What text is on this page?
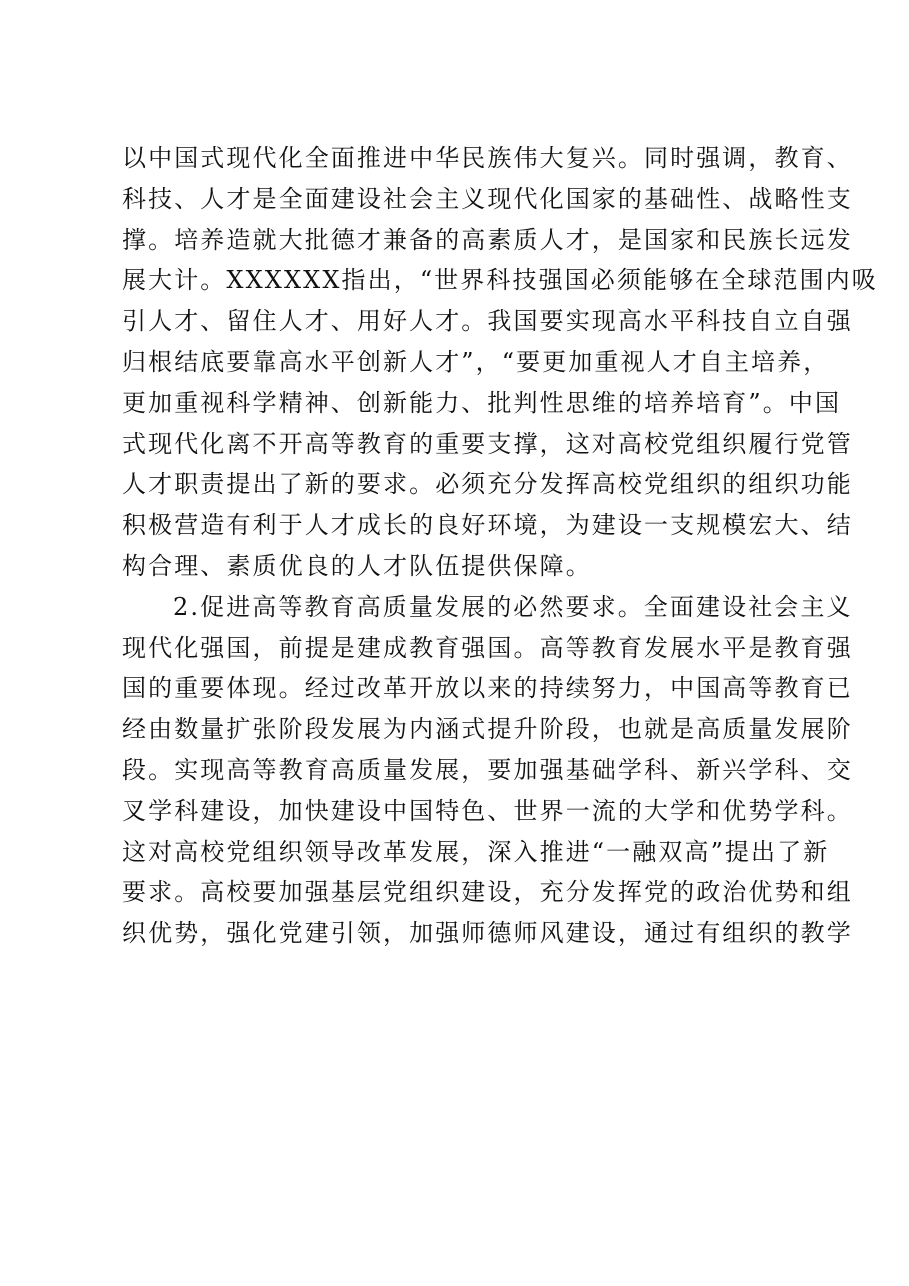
以中国式现代化全面推进中华民族伟大复兴。同时强调，教育、
科技、人才是全面建设社会主义现代化国家的基础性、战略性支
撑。培养造就大批德才兼备的高素质人才，是国家和民族长远发
展大计。XXXXXX指出，“世界科技强国必须能够在全球范围内吸
引人才、留住人才、用好人才。我国要实现高水平科技自立自强
归根结底要靠高水平创新人才”，“要更加重视人才自主培养，
更加重视科学精神、创新能力、批判性思维的培养培育”。中国
式现代化离不开高等教育的重要支撑，这对高校党组织履行党管
人才职责提出了新的要求。必须充分发挥高校党组织的组织功能
积极营造有利于人才成长的良好环境，为建设一支规模宏大、结
构合理、素质优良的人才队伍提供保障。
2.促进高等教育高质量发展的必然要求。全面建设社会主义
现代化强国，前提是建成教育强国。高等教育发展水平是教育强
国的重要体现。经过改革开放以来的持续努力，中国高等教育已
经由数量扩张阶段发展为内涵式提升阶段，也就是高质量发展阶
段。实现高等教育高质量发展，要加强基础学科、新兴学科、交
叉学科建设，加快建设中国特色、世界一流的大学和优势学科。
这对高校党组织领导改革发展，深入推进“一融双高”提出了新
要求。高校要加强基层党组织建设，充分发挥党的政治优势和组
织优势，强化党建引领，加强师德师风建设，通过有组织的教学
